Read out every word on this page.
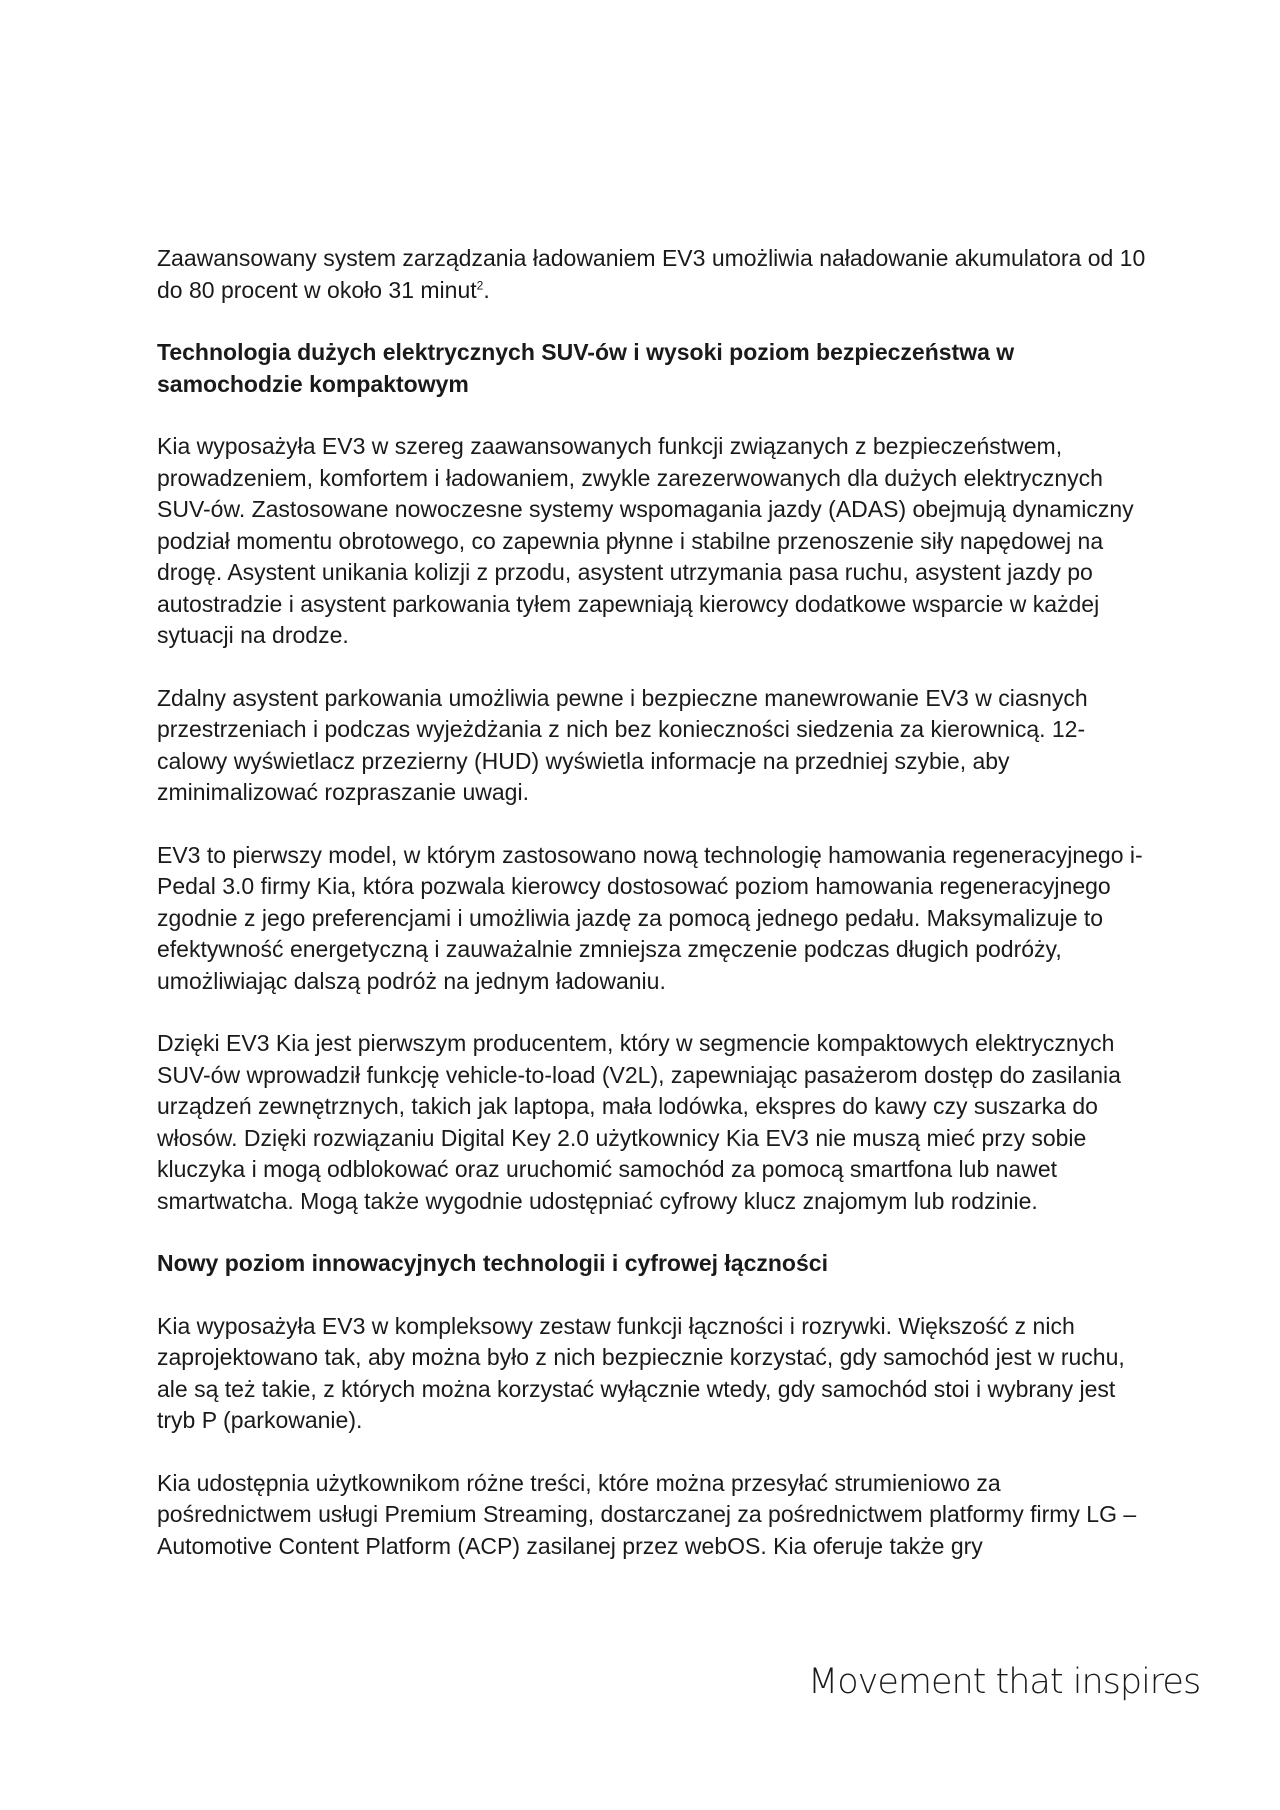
Zaawansowany system zarządzania ładowaniem EV3 umożliwia naładowanie akumulatora od 10 do 80 procent w około 31 minut$^2$.

Technologia dużych elektrycznych SUV-ów i wysoki poziom bezpieczeństwa w samochodzie kompaktowym

Kia wyposażyła EV3 w szereg zaawansowanych funkcji związanych z bezpieczeństwem, prowadzeniem, komfortem i ładowaniem, zwykle zarezerwowanych dla dużych elektrycznych SUV-ów. Zastosowane nowoczesne systemy wspomagania jazdy (ADAS) obejmują dynamiczny podział momentu obrotowego, co zapewnia płynne i stabilne przenoszenie siły napędowej na drogę. Asystent unikania kolizji z przodu, asystent utrzymania pasa ruchu, asystent jazdy po autostradzie i asystent parkowania tyłem zapewniają kierowcy dodatkowe wsparcie w każdej sytuacji na drodze.

Zdalny asystent parkowania umożliwia pewne i bezpieczne manewrowanie EV3 w ciasnych przestrzeniach i podczas wyjeżdżania z nich bez konieczności siedzenia za kierownicą. 12-calowy wyświetlacz przezierny (HUD) wyświetla informacje na przedniej szybie, aby zminimalizować rozpraszanie uwagi.

EV3 to pierwszy model, w którym zastosowano nową technologię hamowania regeneracyjnego i-Pedal 3.0 firmy Kia, która pozwala kierowcy dostosować poziom hamowania regeneracyjnego zgodnie z jego preferencjami i umożliwia jazdę za pomocą jednego pedału. Maksymalizuje to efektywność energetyczną i zauważalnie zmniejsza zmęczenie podczas długich podróży, umożliwiając dalszą podróż na jednym ładowaniu.

Dzięki EV3 Kia jest pierwszym producentem, który w segmencie kompaktowych elektrycznych SUV-ów wprowadził funkcję vehicle-to-load (V2L), zapewniając pasażerom dostęp do zasilania urządzeń zewnętrznych, takich jak laptopa, mała lodówka, ekspres do kawy czy suszarka do włosów. Dzięki rozwiązaniu Digital Key 2.0 użytkownicy Kia EV3 nie muszą mieć przy sobie kluczyka i mogą odblokować oraz uruchomić samochód za pomocą smartfona lub nawet smartwatcha. Mogą także wygodnie udostępniać cyfrowy klucz znajomym lub rodzinie.

Nowy poziom innowacyjnych technologii i cyfrowej łączności

Kia wyposażyła EV3 w kompleksowy zestaw funkcji łączności i rozrywki. Większość z nich zaprojektowano tak, aby można było z nich bezpiecznie korzystać, gdy samochód jest w ruchu, ale są też takie, z których można korzystać wyłącznie wtedy, gdy samochód stoi i wybrany jest tryb P (parkowanie).

Kia udostępnia użytkownikom różne treści, które można przesyłać strumieniowo za pośrednictwem usługi Premium Streaming, dostarczanej za pośrednictwem platformy firmy LG – Automotive Content Platform (ACP) zasilanej przez webOS. Kia oferuje także gry

Movement that inspires
